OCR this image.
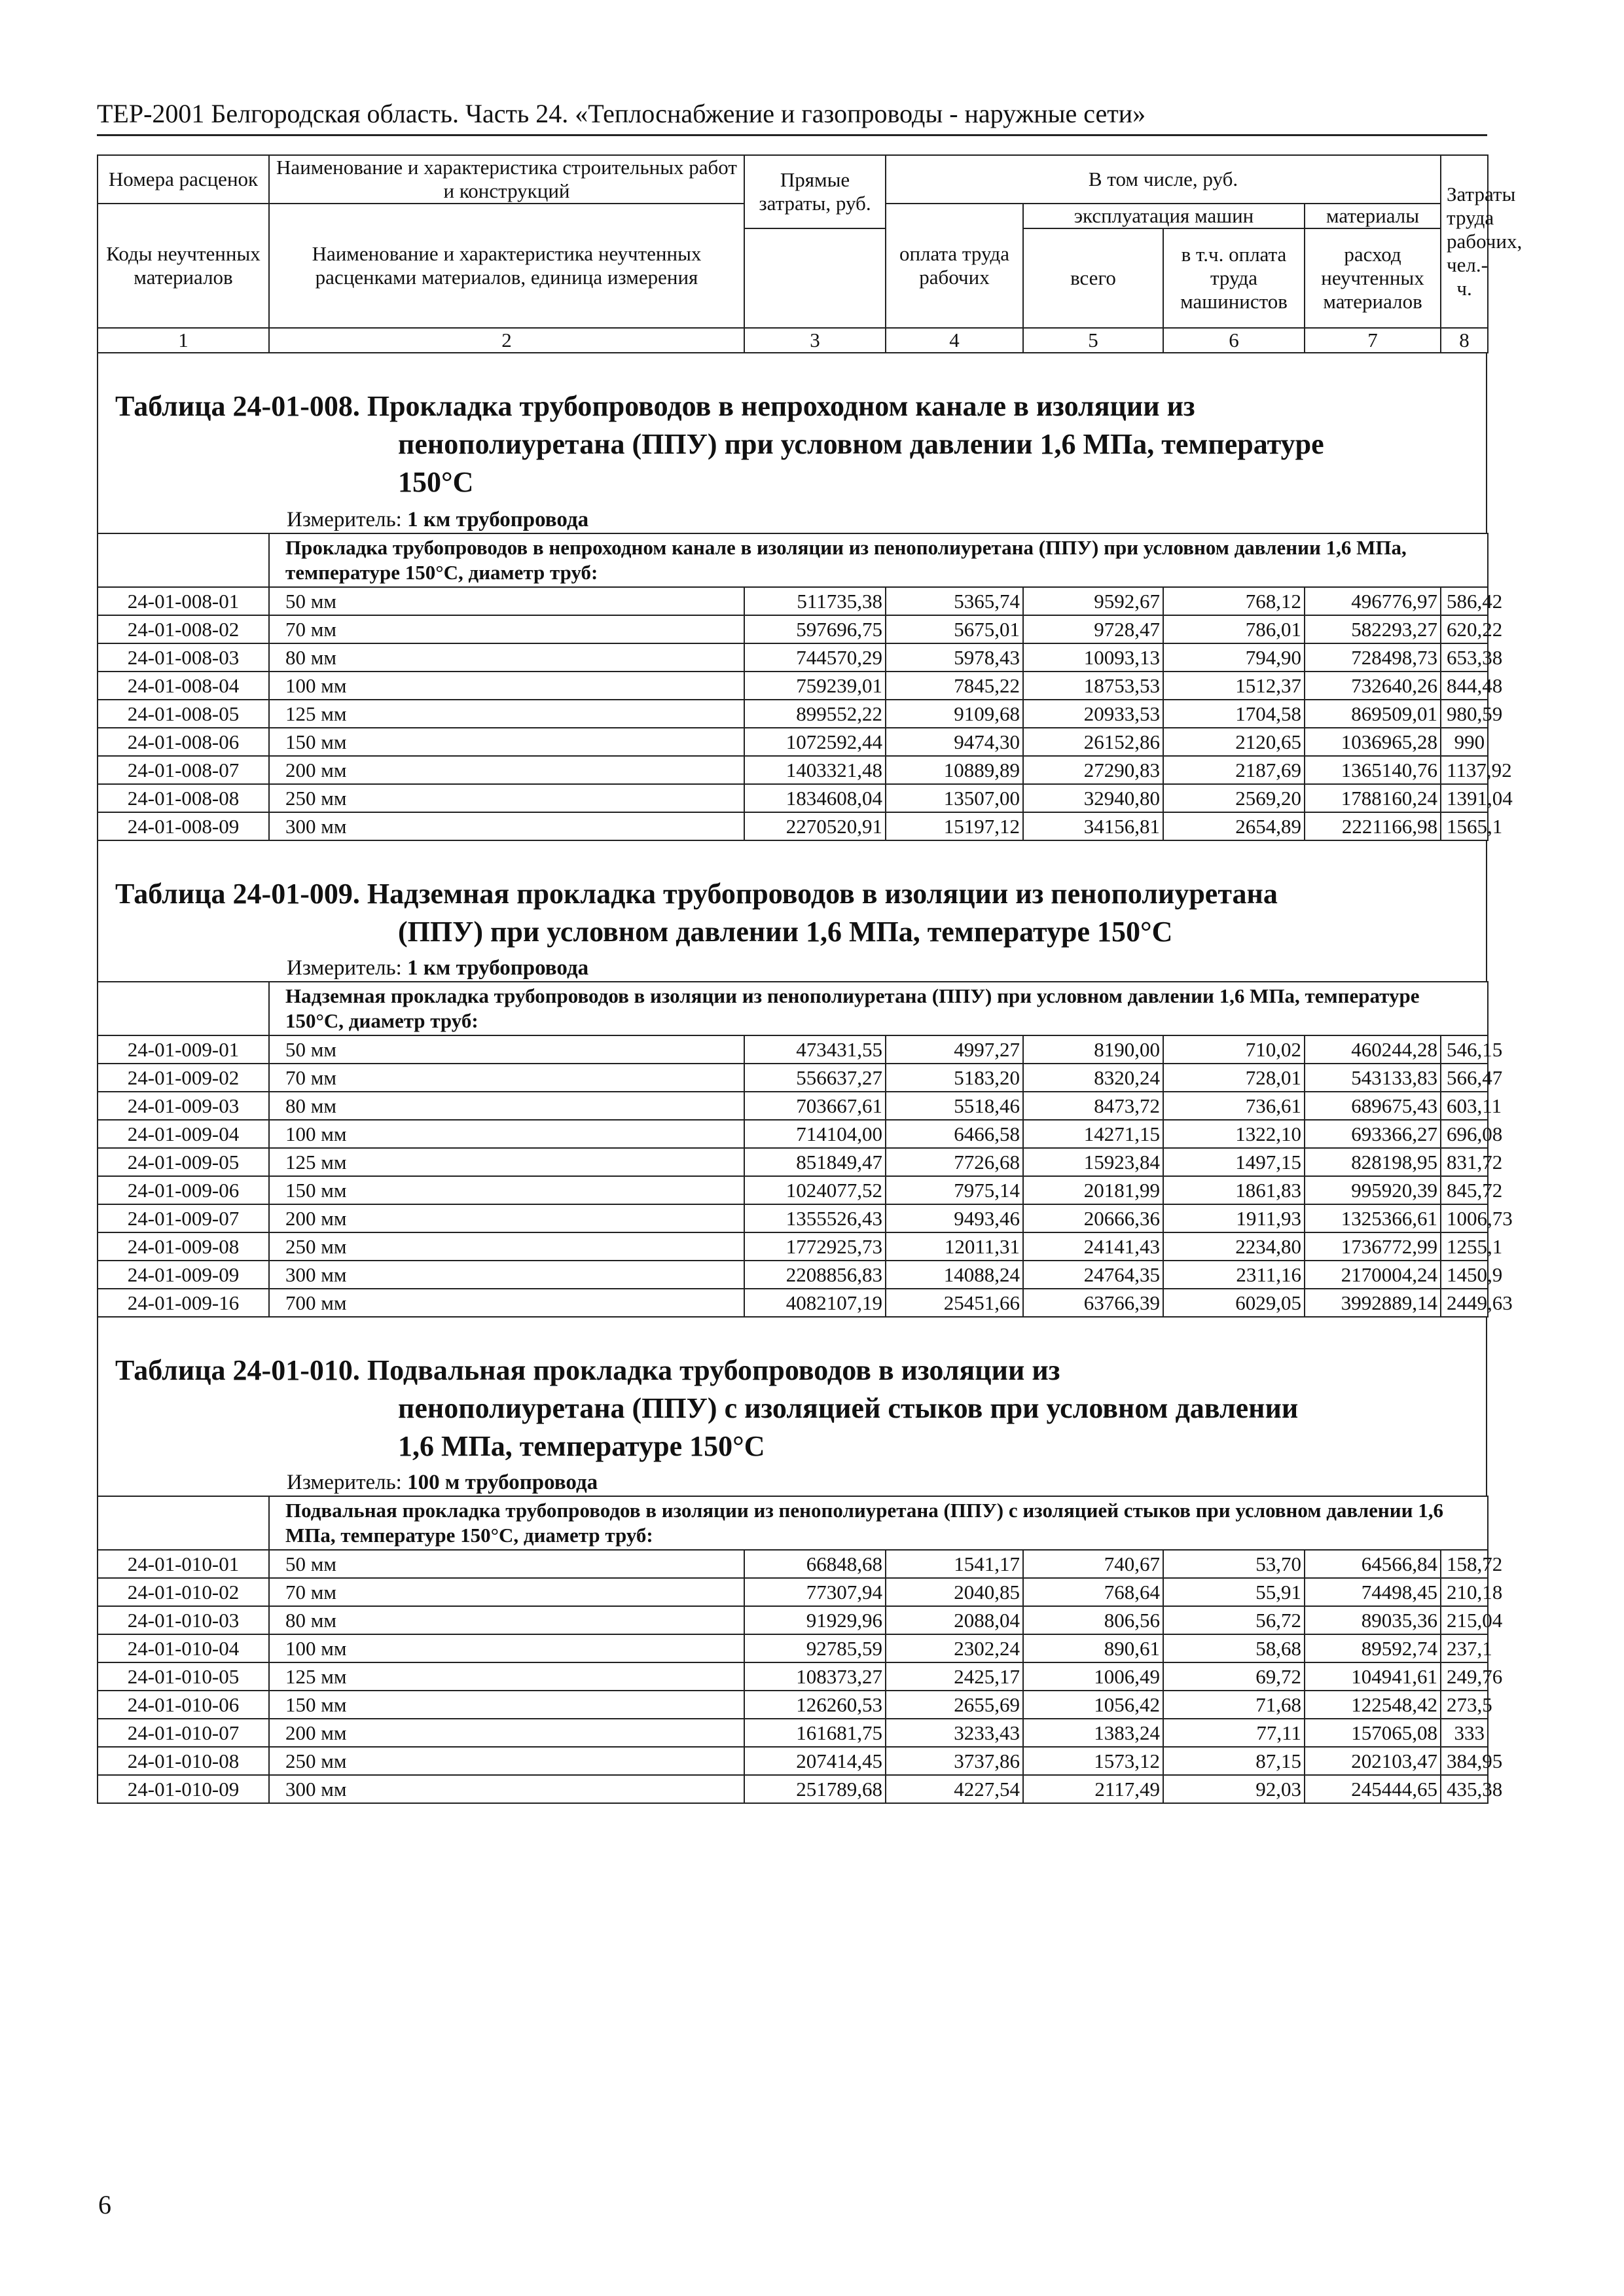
ТЕР-2001 Белгородская область. Часть 24. «Теплоснабжение и газопроводы - наружные сети»
Номера расценок	Наименование и характеристика строительных работ и конструкций	Прямые затраты, руб.	В том числе, руб.				Затраты труда рабочих, чел.-ч.
Коды неучтенных материалов	Наименование и характеристика неучтенных расценками материалов, единица измерения		оплата труда рабочих	эксплуатация машин		материалы	
				всего	в т.ч. оплата труда машинистов	расход неучтенных материалов	

1	2	3	4	5	6	7	8
Таблица 24-01-008. Прокладка трубопроводов в непроходном канале в изоляции из
пенополиуретана (ППУ) при условном давлении 1,6 МПа, температуре
150°C
Измеритель: 1 км трубопровода

	Прокладка трубопроводов в непроходном канале в изоляции из пенополиуретана (ППУ) при условном давлении 1,6 МПа, температуре 150°C, диаметр труб:						

24-01-008-01	50 мм	511735,38	5365,74	9592,67	768,12	496776,97	586,42
24-01-008-02	70 мм	597696,75	5675,01	9728,47	786,01	582293,27	620,22
24-01-008-03	80 мм	744570,29	5978,43	10093,13	794,90	728498,73	653,38
24-01-008-04	100 мм	759239,01	7845,22	18753,53	1512,37	732640,26	844,48
24-01-008-05	125 мм	899552,22	9109,68	20933,53	1704,58	869509,01	980,59
24-01-008-06	150 мм	1072592,44	9474,30	26152,86	2120,65	1036965,28	990
24-01-008-07	200 мм	1403321,48	10889,89	27290,83	2187,69	1365140,76	1137,92
24-01-008-08	250 мм	1834608,04	13507,00	32940,80	2569,20	1788160,24	1391,04
24-01-008-09	300 мм	2270520,91	15197,12	34156,81	2654,89	2221166,98	1565,1
Таблица 24-01-009. Надземная прокладка трубопроводов в изоляции из пенополиуретана
(ППУ) при условном давлении 1,6 МПа, температуре 150°C
Измеритель: 1 км трубопровода

	Надземная прокладка трубопроводов в изоляции из пенополиуретана (ППУ) при условном давлении 1,6 МПа, температуре 150°C, диаметр труб:						

24-01-009-01	50 мм	473431,55	4997,27	8190,00	710,02	460244,28	546,15
24-01-009-02	70 мм	556637,27	5183,20	8320,24	728,01	543133,83	566,47
24-01-009-03	80 мм	703667,61	5518,46	8473,72	736,61	689675,43	603,11
24-01-009-04	100 мм	714104,00	6466,58	14271,15	1322,10	693366,27	696,08
24-01-009-05	125 мм	851849,47	7726,68	15923,84	1497,15	828198,95	831,72
24-01-009-06	150 мм	1024077,52	7975,14	20181,99	1861,83	995920,39	845,72
24-01-009-07	200 мм	1355526,43	9493,46	20666,36	1911,93	1325366,61	1006,73
24-01-009-08	250 мм	1772925,73	12011,31	24141,43	2234,80	1736772,99	1255,1
24-01-009-09	300 мм	2208856,83	14088,24	24764,35	2311,16	2170004,24	1450,9
24-01-009-16	700 мм	4082107,19	25451,66	63766,39	6029,05	3992889,14	2449,63
Таблица 24-01-010. Подвальная прокладка трубопроводов в изоляции из
пенополиуретана (ППУ) с изоляцией стыков при условном давлении
1,6 МПа, температуре 150°C
Измеритель: 100 м трубопровода

	Подвальная прокладка трубопроводов в изоляции из пенополиуретана (ППУ) с изоляцией стыков при условном давлении 1,6 МПа, температуре 150°C, диаметр труб:						

24-01-010-01	50 мм	66848,68	1541,17	740,67	53,70	64566,84	158,72
24-01-010-02	70 мм	77307,94	2040,85	768,64	55,91	74498,45	210,18
24-01-010-03	80 мм	91929,96	2088,04	806,56	56,72	89035,36	215,04
24-01-010-04	100 мм	92785,59	2302,24	890,61	58,68	89592,74	237,1
24-01-010-05	125 мм	108373,27	2425,17	1006,49	69,72	104941,61	249,76
24-01-010-06	150 мм	126260,53	2655,69	1056,42	71,68	122548,42	273,5
24-01-010-07	200 мм	161681,75	3233,43	1383,24	77,11	157065,08	333
24-01-010-08	250 мм	207414,45	3737,86	1573,12	87,15	202103,47	384,95
24-01-010-09	300 мм	251789,68	4227,54	2117,49	92,03	245444,65	435,38
6
